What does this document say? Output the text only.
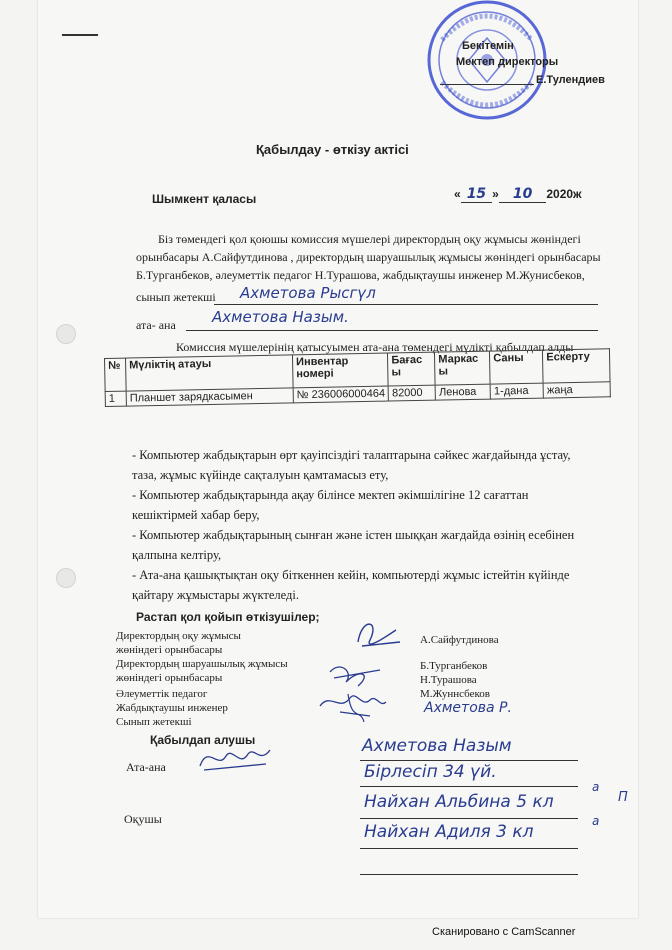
Бекітемін
Мектеп директоры
Е.Тулендиев
Қабылдау - өткізу актісі
Шымкент қаласы	« 15 » 10 2020ж
Біз төмендегі қол қоюшы комиссия мүшелері директордың оқу жұмысы жөніндегі
орынбасары А.Сайфутдинова , директордың шаруашылық жұмысы жөніндегі орынбасары
Б.Турганбеков, әлеуметтік педагог Н.Турашова, жабдықтаушы инженер М.Жунисбеков,
сынып жетекші Ахметова Рысгүл
ата- ана Ахметова Назым.
Комиссия мүшелерінің қатысуымен ата-ана төмендегі мүлікті қабылдап алды
№	Мүліктің атауы	Инвентар номері	Бағасы	Маркасы	Саны	Ескерту
1	Планшет зарядкасымен	№ 236006000464	82000	Ленова	1-дана	жаңа
- Компьютер жабдықтарын өрт қауіпсіздігі талаптарына сәйкес жағдайында ұстау,
таза, жұмыс күйінде сақталуын қамтамасыз ету,
- Компьютер жабдықтарында ақау білінсе мектеп әкімшілігіне 12 сағаттан
кешіктірмей хабар беру,
- Компьютер жабдықтарының сынған және істен шыққан жағдайда өзінің есебінен
қалпына келтіру,
- Ата-ана қашықтықтан оқу біткеннен кейін, компьютерді жұмыс істейтін күйінде
қайтару жұмыстары жүктеледі.
Растап қол қойып өткізушілер;
Директордың оқу жұмысы
жөніндегі орынбасары
Директордың шаруашылық жұмысы
жөніндегі орынбасары
Әлеуметтік педагог
Жабдықтаушы инженер
Сынып жетекші
А.Сайфутдинова
Б.Турганбеков
Н.Турашова
М.Жуннсбеков
Ахметова Р.
Қабылдап алушы
Ата-ана
Оқушы
Ахметова Назым
Бірлесіп 34 үй.
Найхан Альбина 5 кл
а
П
Найхан Адиля 3 кл
а
Сканировано с CamScanner
